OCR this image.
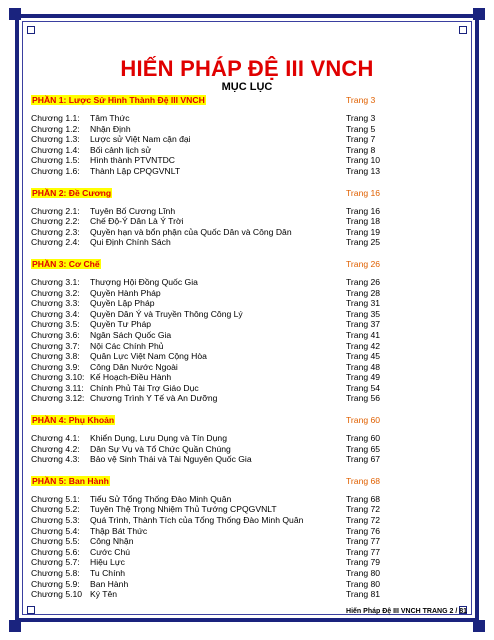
HIẾN PHÁP ĐỆ III VNCH
MỤC LỤC
PHẦN 1: Lược Sử Hình Thành Đệ III VNCH	Trang 3
Chương 1.1: Tâm Thức	Trang 3
Chương 1.2: Nhận Định	Trang 5
Chương 1.3: Lược sử Việt Nam cận đại	Trang 7
Chương 1.4: Bối cảnh lịch sử	Trang 8
Chương 1.5: Hình thành PTVNTDC	Trang 10
Chương 1.6: Thành Lập CPQGVNLT	Trang 13
PHẦN 2: Đề Cương	Trang 16
Chương 2.1: Tuyên Bố Cương Lĩnh	Trang 16
Chương 2.2: Chế Độ-Ý Dân Là Ý Trời	Trang 18
Chương 2.3: Quyền hạn và bổn phận của Quốc Dân và Công Dân	Trang 19
Chương 2.4: Qui Định Chính Sách	Trang 25
PHẦN 3: Cơ Chế	Trang 26
Chương 3.1: Thượng Hội Đồng Quốc Gia	Trang 26
Chương 3.2: Quyền Hành Pháp	Trang 28
Chương 3.3: Quyền Lập Pháp	Trang 31
Chương 3.4: Quyền Dân Ý và Truyền Thông Công Lý	Trang 35
Chương 3.5: Quyền Tư Pháp	Trang 37
Chương 3.6: Ngân Sách Quốc Gia	Trang 41
Chương 3.7: Nội Các Chính Phủ	Trang 42
Chương 3.8: Quân Lực Việt Nam Cộng Hòa	Trang 45
Chương 3.9: Công Dân Nước Ngoài	Trang 48
Chương 3.10: Kế Hoạch-Điều Hành	Trang 49
Chương 3.11: Chính Phủ Tài Trợ Giáo Dục	Trang 54
Chương 3.12: Chương Trình Y Tế và An Dưỡng	Trang 56
PHẦN 4: Phụ Khoản	Trang 60
Chương 4.1: Khiển Dụng, Lưu Dụng và Tín Dụng	Trang 60
Chương 4.2: Dân Sự Vụ và Tổ Chức Quần Chúng	Trang 65
Chương 4.3: Bảo vệ Sinh Thái và Tài Nguyên Quốc Gia	Trang 67
PHẦN 5: Ban Hành	Trang 68
Chương 5.1: Tiểu Sử Tổng Thống Đào Minh Quân	Trang 68
Chương 5.2: Tuyên Thệ Trọng Nhiệm Thủ Tướng CPQGVNLT	Trang 72
Chương 5.3: Quá Trình, Thành Tích của Tổng Thống Đào Minh Quân	Trang 72
Chương 5.4: Thập Bát Thức	Trang 76
Chương 5.5: Công Nhận	Trang 77
Chương 5.6: Cước Chú	Trang 77
Chương 5.7: Hiệu Lực	Trang 79
Chương 5.8: Tu Chính	Trang 80
Chương 5.9: Ban Hành	Trang 80
Chương 5.10 Ký Tên	Trang 81
Hiến Pháp Đệ III VNCH TRANG 2 / 81
